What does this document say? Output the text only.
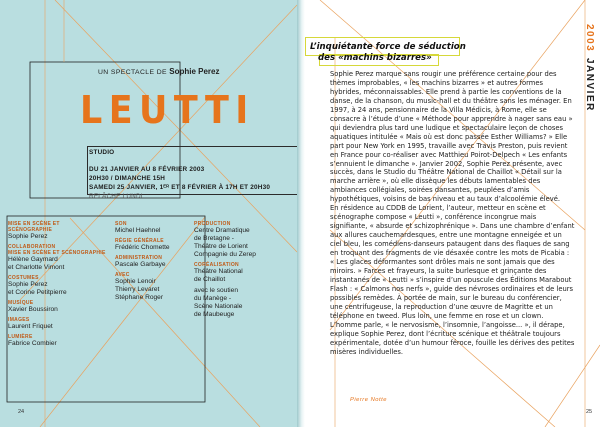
UN SPECTACLE DE Sophie Perez
LEUTTI
STUDIO
DU 21 JANVIER AU 8 FÉVRIER 2003
20H30 / DIMANCHE 15H
SAMEDI 25 JANVIER, 1ᴱᴿ ET 8 FÉVRIER À 17H ET 20H30
RELÂCHE LUNDI
MISE EN SCÈNE ET
SCÉNOGRAPHIE
Sophie Perez
COLLABORATION
MISE EN SCÈNE ET SCÉNOGRAPHIE
Hélène Gaymard
et Charlotte Vimont
COSTUMES
Sophie Perez
et Corine Petitpierre
MUSIQUE
Xavier Boussiron
IMAGES
Laurent Friquet
LUMIÈRE
Fabrice Combier
SON
Michel Haehnel
RÉGIE GÉNÉRALE
Frédéric Chomette
ADMINISTRATION
Pascale Garbaye
AVEC
Sophie Lenoir
Thierry Levaret
Stéphane Roger
PRODUCTION
Centre Dramatique
de Bretagne -
Théâtre de Lorient
Compagnie du Zerep
CORÉALISATION
Théâtre National
de Chaillot
avec le soutien
du Manège -
Scène Nationale
de Maubeuge
24
L’inquiétante force de séduction
des «machins bizarres»

Sophie Perez marque sans rougir une préférence certaine pour des thèmes improbables, « les machins bizarres » et autres formes hybrides, méconnaissables. Elle prend à partie les conventions de la danse, de la chanson, du music-hall et du théâtre sans les ménager. En 1997, à 24 ans, pensionnaire de la Villa Médicis, à Rome, elle se consacre à l’étude d’une « Méthode pour apprendre à nager sans eau » qui deviendra plus tard une ludique et spectaculaire leçon de choses aquatiques intitulée « Mais où est donc passée Esther Williams? » Elle part pour New York en 1995, travaille avec Travis Preston, puis revient en France pour co-réaliser avec Matthieu Poirot-Delpech « Les enfants s’ennuient le dimanche ». Janvier 2002, Sophie Perez présente, avec succès, dans le Studio du Théâtre National de Chaillot « Détail sur la marche arrière », où elle dissèque les débuts lamentables des ambiances collégiales, soirées dansantes, peuplées d’amis hypothétiques, voisins de bas niveau et au taux d’alcoolémie élevé.

En résidence au CDDB de Lorient, l’auteur, metteur en scène et scénographe compose « Leutti », conférence incongrue mais signifiante, « absurde et schizophrénique ». Dans une chambre d’enfant aux allures cauchemardesques, entre une montagne enneigée et un ciel bleu, les comédiens-danseurs pataugent dans des flaques de sang en troquant des fragments de vie désaxée contre les mots de Picabia : « Les glaces déformantes sont drôles mais ne sont jamais que des miroirs. » Farces et frayeurs, la suite burlesque et grinçante des instantanés de « Leutti » s’inspire d’un opuscule des Éditions Marabout Flash : « Calmons nos nerfs », guide des névroses ordinaires et de leurs possibles remèdes. À portée de main, sur le bureau du conférencier, une centrifugeuse, la reproduction d’une œuvre de Magritte et un téléphone en tweed. Plus loin, une femme en rose et un clown. L’homme parle, « le nervosisme, l’insomnie, l’angoisse... », il dérape, explique Sophie Perez, dont l’écriture scénique et théâtrale toujours expérimentale, dotée d’un humour féroce, fouille les dérives des petites misères individuelles.

Pierre Notte
JANVIER
2003
25
